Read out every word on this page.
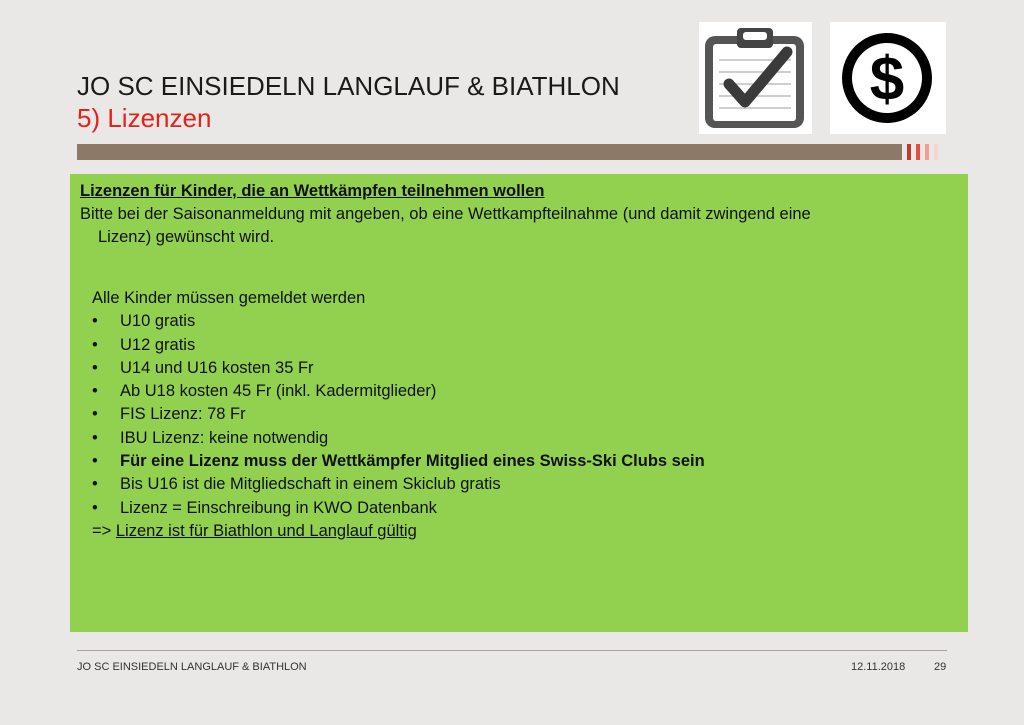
JO SC EINSIEDELN LANGLAUF & BIATHLON
5) Lizenzen
$
Lizenzen für Kinder, die an Wettkämpfen teilnehmen wollen
Bitte bei der Saisonanmeldung mit angeben, ob eine Wettkampfteilnahme (und damit zwingend eine
Lizenz) gewünscht wird.
Alle Kinder müssen gemeldet werden
• U10 gratis
• U12 gratis
• U14 und U16 kosten 35 Fr
• Ab U18 kosten 45 Fr (inkl. Kadermitglieder)
• FIS Lizenz: 78 Fr
• IBU Lizenz: keine notwendig
• Für eine Lizenz muss der Wettkämpfer Mitglied eines Swiss-Ski Clubs sein
• Bis U16 ist die Mitgliedschaft in einem Skiclub gratis
• Lizenz = Einschreibung in KWO Datenbank
=> Lizenz ist für Biathlon und Langlauf gültig
JO SC EINSIEDELN LANGLAUF & BIATHLON	12.11.2018	29
